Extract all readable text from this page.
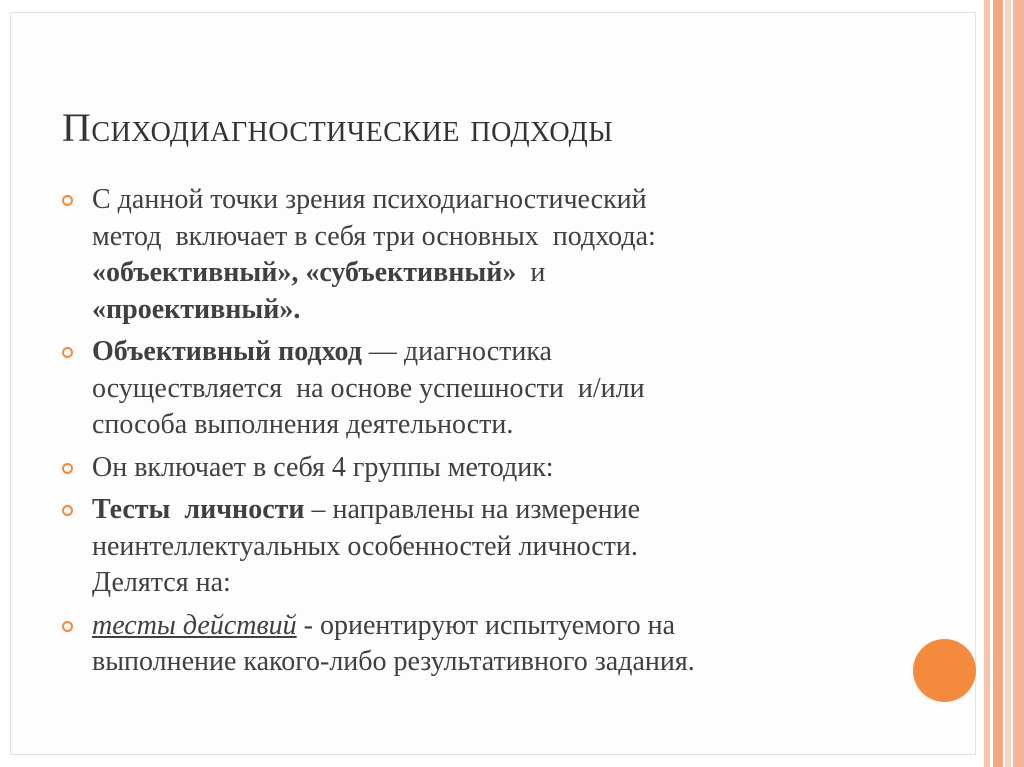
Психодиагностические подходы
С данной точки зрения психодиагностический
метод  включает в себя три основных  подхода:
«объективный», «субъективный»  и
«проективный».
Объективный подход — диагностика
осуществляется  на основе успешности  и/или
способа выполнения деятельности.
Он включает в себя 4 группы методик:
Тесты  личности – направлены на измерение
неинтеллектуальных особенностей личности.
Делятся на:
тесты действий - ориентируют испытуемого на
выполнение какого-либо результативного задания.
